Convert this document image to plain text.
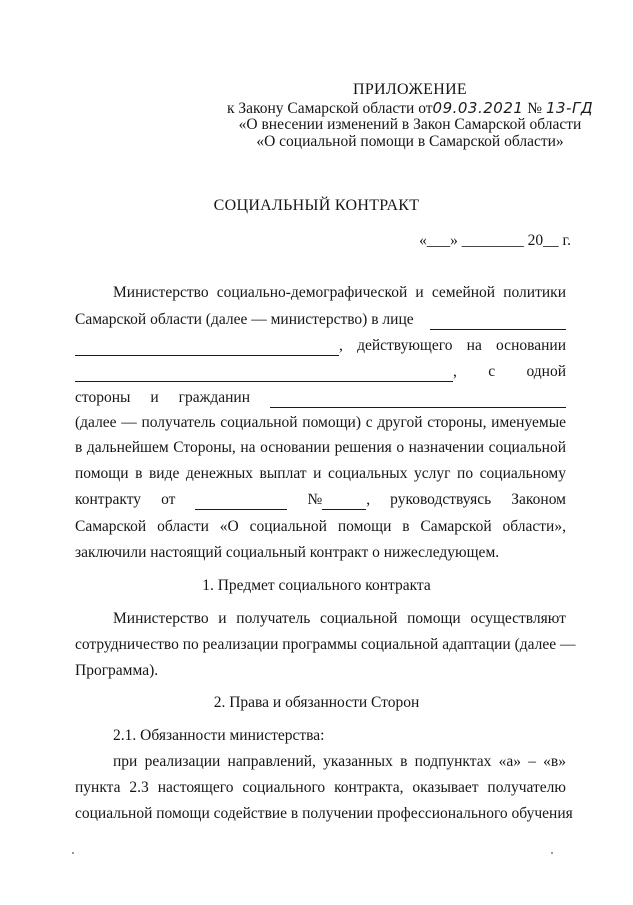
ПРИЛОЖЕНИЕ
к Закону Самарской области от09.03.2021 № 13-ГД
«О внесении изменений в Закон Самарской области
«О социальной помощи в Самарской области»
СОЦИАЛЬНЫЙ КОНТРАКТ
«___» ________ 20__ г.
Министерство социально-демографической и семейной политики
Самарской области (далее — министерство) в лице
, действующего на основании
, с одной
стороны и гражданин
(далее — получатель социальной помощи) с другой стороны, именуемые
в дальнейшем Стороны, на основании решения о назначении социальной
помощи в виде денежных выплат и социальных услуг по социальному
контракту от	№	, руководствуясь Законом
Самарской области «О социальной помощи в Самарской области»,
заключили настоящий социальный контракт о нижеследующем.
1. Предмет социального контракта
Министерство и получатель социальной помощи осуществляют
сотрудничество по реализации программы социальной адаптации (далее —
Программа).
2. Права и обязанности Сторон
2.1. Обязанности министерства:
при реализации направлений, указанных в подпунктах «а» – «в»
пункта 2.3 настоящего социального контракта, оказывает получателю
социальной помощи содействие в получении профессионального обучения
